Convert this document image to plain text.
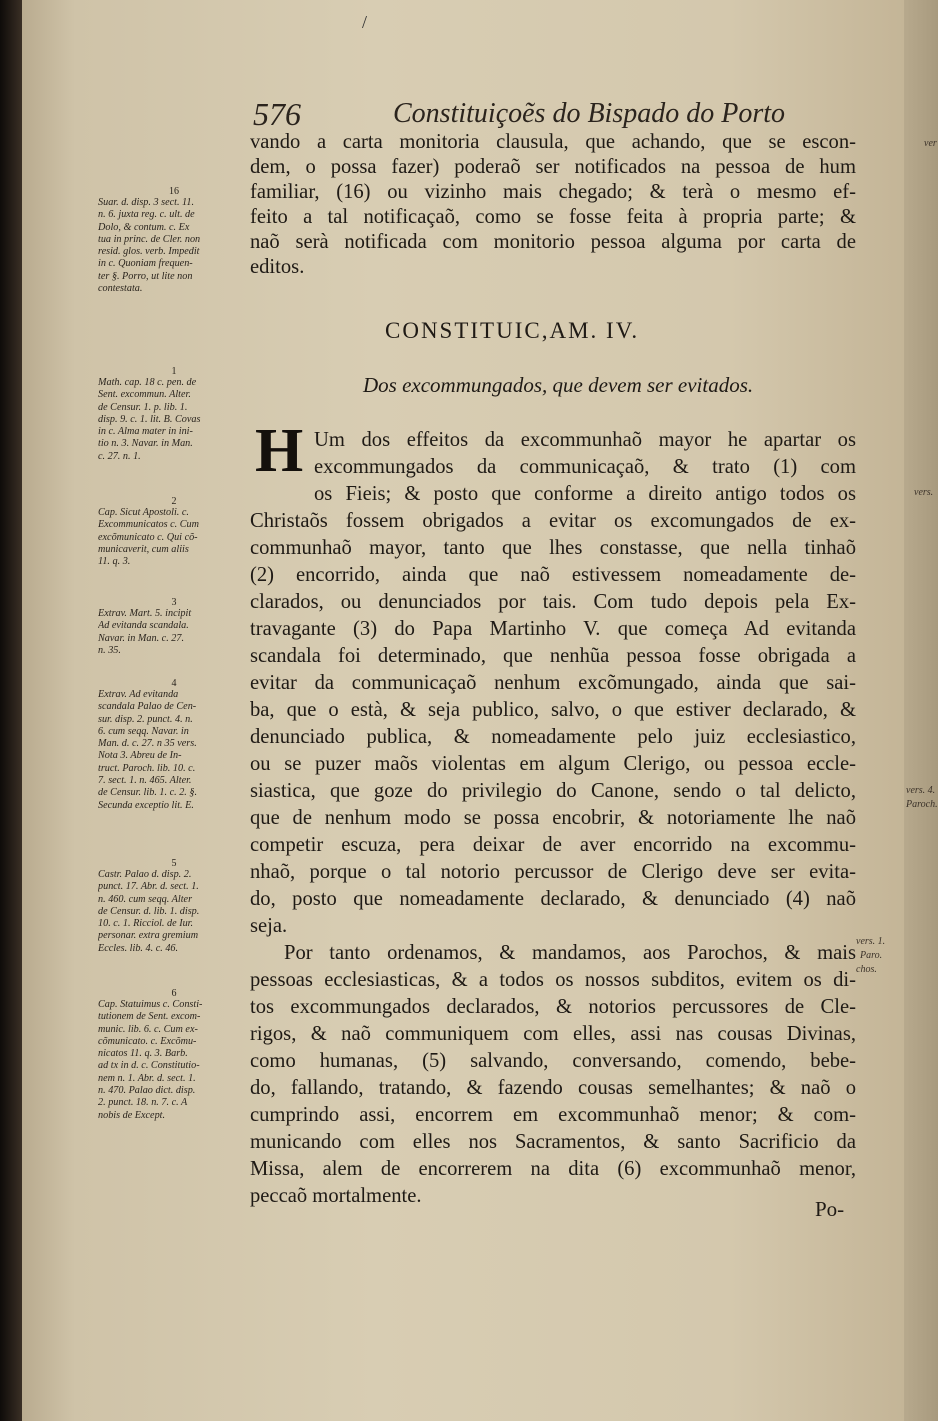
/
576	Constituiçoẽs do Bispado do Porto
vando a carta monitoria clausula, que achando, que se escon-
dem, o possa fazer) poderaõ ser notificados na pessoa de hum
familiar, (16) ou vizinho mais chegado; & terà o mesmo ef-
feito a tal notificaçaõ, como se fosse feita à propria parte; &
naõ serà notificada com monitorio pessoa alguma por carta de
editos.
CONSTITUIC,AM. IV.
Dos excommungados, que devem ser evitados.
H Um dos effeitos da excommunhaõ mayor he apartar os
excommungados da communicaçaõ, & trato (1) com
os Fieis; & posto que conforme a direito antigo todos os
Christaõs fossem obrigados a evitar os excomungados de ex-
communhaõ mayor, tanto que lhes constasse, que nella tinhaõ
(2) encorrido, ainda que naõ estivessem nomeadamente de-
clarados, ou denunciados por tais. Com tudo depois pela Ex-
travagante (3) do Papa Martinho V. que começa Ad evitanda
scandala foi determinado, que nenhũa pessoa fosse obrigada a
evitar da communicaçaõ nenhum excõmungado, ainda que sai-
ba, que o està, & seja publico, salvo, o que estiver declarado, &
denunciado publica, & nomeadamente pelo juiz ecclesiastico,
ou se puzer maõs violentas em algum Clerigo, ou pessoa eccle-
siastica, que goze do privilegio do Canone, sendo o tal delicto,
que de nenhum modo se possa encobrir, & notoriamente lhe naõ
competir escuza, pera deixar de aver encorrido na excommu-
nhaõ, porque o tal notorio percussor de Clerigo deve ser evita-
do, posto que nomeadamente declarado, & denunciado (4) naõ
seja.
Por tanto ordenamos, & mandamos, aos Parochos, & mais
pessoas ecclesiasticas, & a todos os nossos subditos, evitem os di-
tos excommungados declarados, & notorios percussores de Cle-
rigos, & naõ communiquem com elles, assi nas cousas Divinas,
como humanas, (5) salvando, conversando, comendo, bebe-
do, fallando, tratando, & fazendo cousas semelhantes; & naõ o
cumprindo assi, encorrem em excommunhaõ menor; & com-
municando com elles nos Sacramentos, & santo Sacrificio da
Missa, alem de encorrerem na dita (6) excommunhaõ menor,
peccaõ mortalmente.
Po-
16
Suar. d. disp. 3 sect. 11.
n. 6. juxta reg. c. ult. de
Dolo, & contum. c. Ex
tua in princ. de Cler. non
resid. glos. verb. Impedit
in c. Quoniam frequen-
ter §. Porro, ut lite non
contestata.
1
Math. cap. 18 c. pen. de
Sent. excommun. Alter.
de Censur. 1. p. lib. 1.
disp. 9. c. 1. lit. B. Covas
in c. Alma mater in ini-
tio n. 3. Navar. in Man.
c. 27. n. 1.
2
Cap. Sicut Apostoli. c.
Excommunicatos c. Cum
excõmunicato c. Qui cõ-
municaverit, cum aliis
11. q. 3.
3
Extrav. Mart. 5. incipit
Ad evitanda scandala.
Navar. in Man. c. 27.
n. 35.
4
Extrav. Ad evitanda
scandala Palao de Cen-
sur. disp. 2. punct. 4. n.
6. cum seqq. Navar. in
Man. d. c. 27. n 35 vers.
Nota 3. Abreu de In-
truct. Paroch. lib. 10. c.
7. sect. 1. n. 465. Alter.
de Censur. lib. 1. c. 2. §.
Secunda exceptio lit. E.
5
Castr. Palao d. disp. 2.
punct. 17. Abr. d. sect. 1.
n. 460. cum seqq. Alter
de Censur. d. lib. 1. disp.
10. c. 1. Ricciol. de Iur.
personar. extra gremium
Eccles. lib. 4. c. 46.
6
Cap. Statuimus c. Consti-
tutionem de Sent. excom-
munic. lib. 6. c. Cum ex-
cõmunicato. c. Excõmu-
nicatos 11. q. 3. Barb.
ad tx in d. c. Constitutio-
nem n. 1. Abr. d. sect. 1.
n. 470. Palao dict. disp.
2. punct. 18. n. 7. c. A
nobis de Except.
ver
vers.
vers. 4.
Paroch.
vers. 1.
Paro.
chos.
